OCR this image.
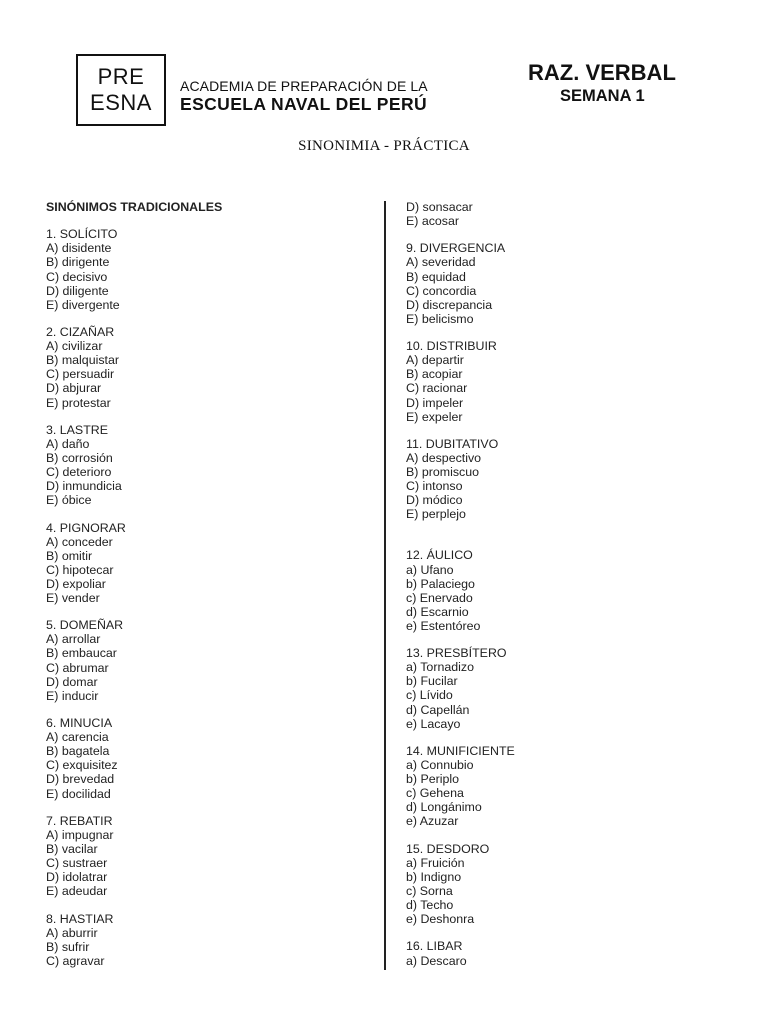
PRE
ESNA
ACADEMIA DE PREPARACIÓN DE LA
ESCUELA NAVAL DEL PERÚ
RAZ. VERBAL
SEMANA 1
SINONIMIA - PRÁCTICA
SINÓNIMOS TRADICIONALES
1. SOLÍCITO
A) disidente
B) dirigente
C) decisivo
D) diligente
E) divergente
2. CIZAÑAR
A) civilizar
B) malquistar
C) persuadir
D) abjurar
E) protestar
3. LASTRE
A) daño
B) corrosión
C) deterioro
D) inmundicia
E) óbice
4. PIGNORAR
A) conceder
B) omitir
C) hipotecar
D) expoliar
E) vender
5. DOMEÑAR
A) arrollar
B) embaucar
C) abrumar
D) domar
E) inducir
6. MINUCIA
A) carencia
B) bagatela
C) exquisitez
D) brevedad
E) docilidad
7. REBATIR
A) impugnar
B) vacilar
C) sustraer
D) idolatrar
E) adeudar
8. HASTIAR
A) aburrir
B) sufrir
C) agravar
D) sonsacar
E) acosar
9. DIVERGENCIA
A) severidad
B) equidad
C) concordia
D) discrepancia
E) belicismo
10. DISTRIBUIR
A) departir
B) acopiar
C) racionar
D) impeler
E) expeler
11. DUBITATIVO
A) despectivo
B) promiscuo
C) intonso
D) módico
E) perplejo
12. ÁULICO
a) Ufano
b) Palaciego
c) Enervado
d) Escarnio
e) Estentóreo
13. PRESBÍTERO
a) Tornadizo
b) Fucilar
c) Lívido
d) Capellán
e) Lacayo
14. MUNIFICIENTE
a) Connubio
b) Periplo
c) Gehena
d) Longánimo
e) Azuzar
15. DESDORO
a) Fruición
b) Indigno
c) Sorna
d) Techo
e) Deshonra
16. LIBAR
a) Descaro
